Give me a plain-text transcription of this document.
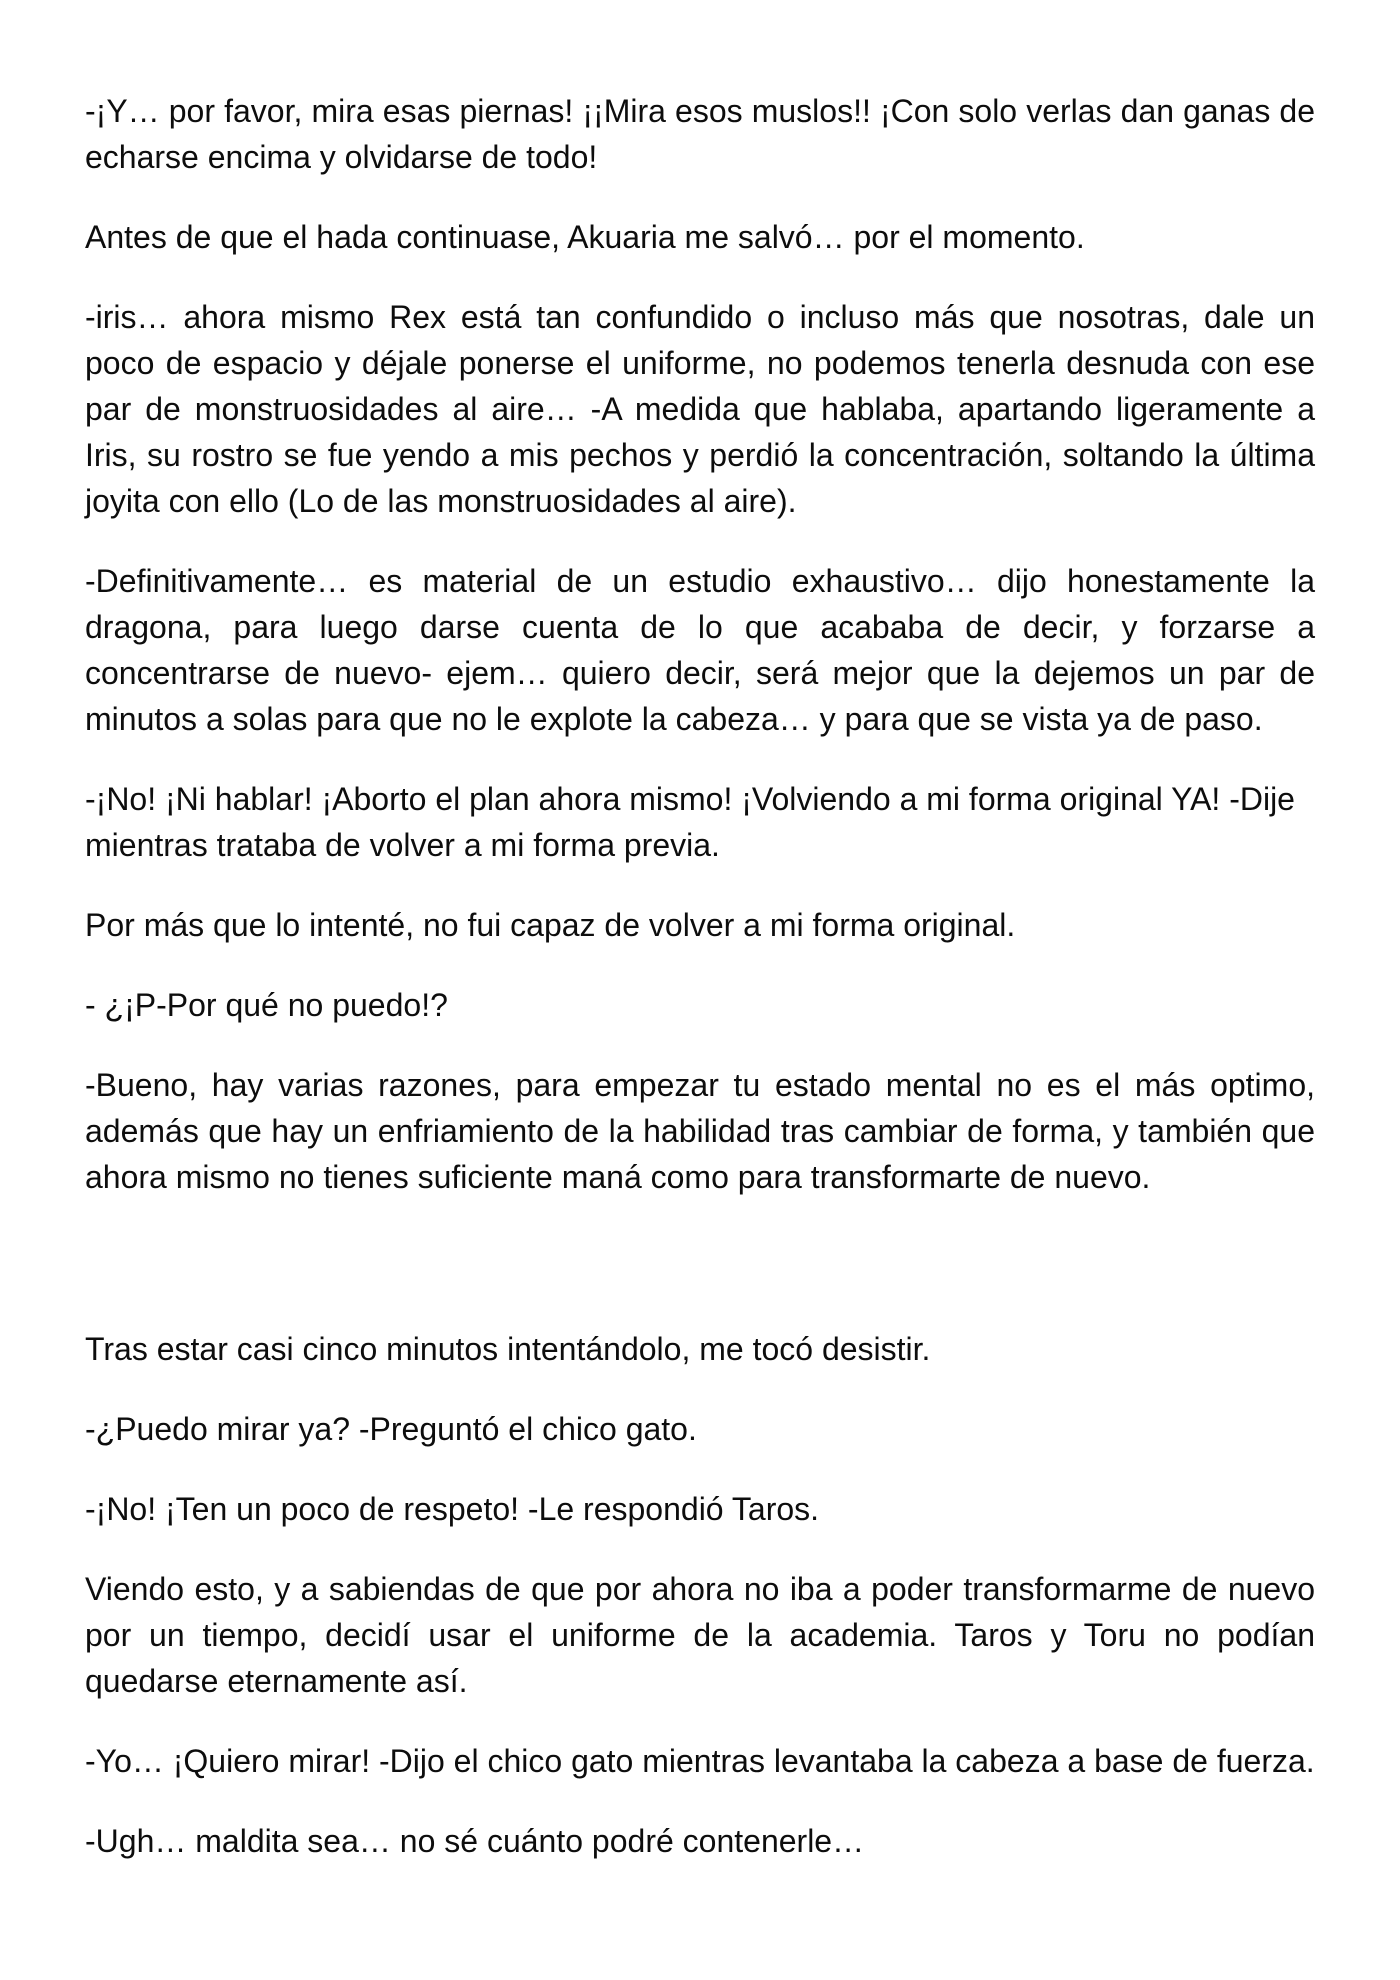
-¡Y… por favor, mira esas piernas! ¡¡Mira esos muslos!! ¡Con solo verlas dan ganas de echarse encima y olvidarse de todo!

Antes de que el hada continuase, Akuaria me salvó… por el momento.

-iris… ahora mismo Rex está tan confundido o incluso más que nosotras, dale un poco de espacio y déjale ponerse el uniforme, no podemos tenerla desnuda con ese par de monstruosidades al aire… -A medida que hablaba, apartando ligeramente a Iris, su rostro se fue yendo a mis pechos y perdió la concentración, soltando la última joyita con ello (Lo de las monstruosidades al aire).

-Definitivamente… es material de un estudio exhaustivo… dijo honestamente la dragona, para luego darse cuenta de lo que acababa de decir, y forzarse a concentrarse de nuevo- ejem… quiero decir, será mejor que la dejemos un par de minutos a solas para que no le explote la cabeza… y para que se vista ya de paso.

-¡No! ¡Ni hablar! ¡Aborto el plan ahora mismo! ¡Volviendo a mi forma original YA! -Dije mientras trataba de volver a mi forma previa.

Por más que lo intenté, no fui capaz de volver a mi forma original.

- ¿¡P-Por qué no puedo!?

-Bueno, hay varias razones, para empezar tu estado mental no es el más optimo, además que hay un enfriamiento de la habilidad tras cambiar de forma, y también que ahora mismo no tienes suficiente maná como para transformarte de nuevo.

Tras estar casi cinco minutos intentándolo, me tocó desistir.

-¿Puedo mirar ya? -Preguntó el chico gato.

-¡No! ¡Ten un poco de respeto! -Le respondió Taros.

Viendo esto, y a sabiendas de que por ahora no iba a poder transformarme de nuevo por un tiempo, decidí usar el uniforme de la academia. Taros y Toru no podían quedarse eternamente así.

-Yo… ¡Quiero mirar! -Dijo el chico gato mientras levantaba la cabeza a base de fuerza.

-Ugh… maldita sea… no sé cuánto podré contenerle…
